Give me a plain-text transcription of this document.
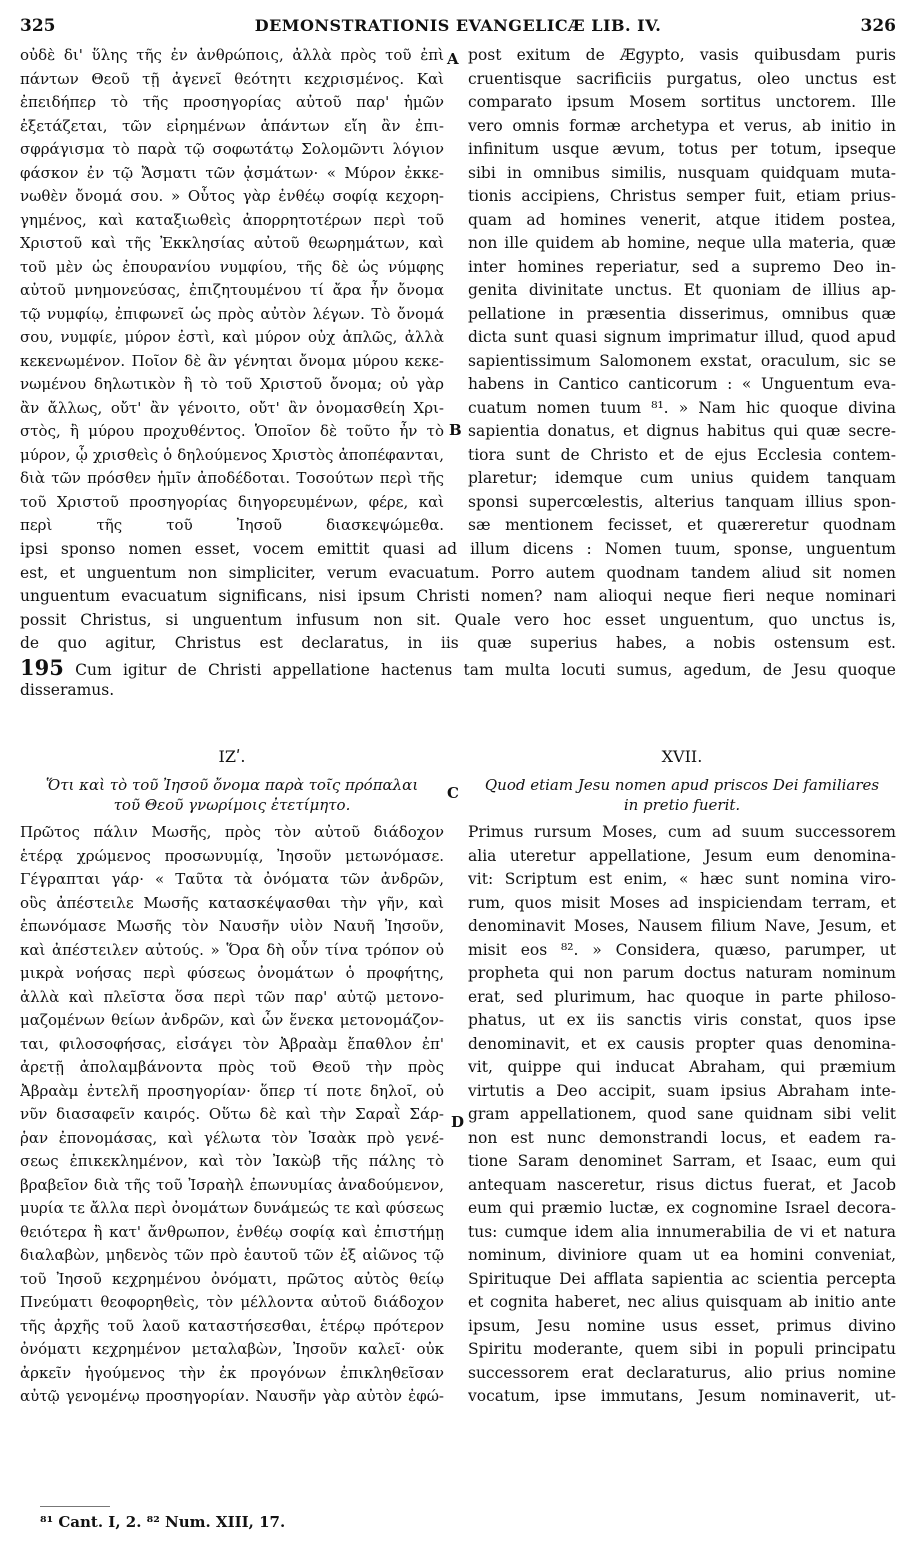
325	DEMONSTRATIONIS EVANGELICÆ LIB. IV.	326
οὐδὲ δι' ὕλης τῆς ἐν ἀνθρώποις, ἀλλὰ πρὸς τοῦ ἐπὶ
πάντων Θεοῦ τῇ ἀγενεῖ θεότητι κεχρισμένος. Καὶ
ἐπειδήπερ τὸ τῆς προσηγορίας αὐτοῦ παρ' ἡμῶν
ἐξετάζεται, τῶν εἰρημένων ἁπάντων εἴη ἂν ἐπι-
σφράγισμα τὸ παρὰ τῷ σοφωτάτῳ Σολομῶντι λόγιον
φάσκον ἐν τῷ Ἄσματι τῶν ᾀσμάτων· « Μύρον ἐκκε-
νωθὲν ὄνομά σου. » Οὗτος γὰρ ἐνθέῳ σοφίᾳ κεχορη-
γημένος, καὶ καταξιωθεὶς ἀπορρητοτέρων περὶ τοῦ
Χριστοῦ καὶ τῆς Ἐκκλησίας αὐτοῦ θεωρημάτων, καὶ
τοῦ μὲν ὡς ἐπουρανίου νυμφίου, τῆς δὲ ὡς νύμφης
αὐτοῦ μνημονεύσας, ἐπιζητουμένου τί ἄρα ἦν ὄνομα
τῷ νυμφίῳ, ἐπιφωνεῖ ὡς πρὸς αὐτὸν λέγων. Τὸ ὄνομά
σου, νυμφίε, μύρον ἐστὶ, καὶ μύρον οὐχ ἁπλῶς, ἀλλὰ
κεκενωμένον. Ποῖον δὲ ἂν γένηται ὄνομα μύρου κεκε-
νωμένου δηλωτικὸν ἢ τὸ τοῦ Χριστοῦ ὄνομα; οὐ γὰρ
ἂν ἄλλως, οὔτ' ἂν γένοιτο, οὔτ' ἂν ὀνομασθείη Χρι-
στὸς, ἢ μύρου προχυθέντος. Ὁποῖον δὲ τοῦτο ἦν τὸ
μύρον, ᾧ χρισθεὶς ὁ δηλούμενος Χριστὸς ἀποπέφανται,
διὰ τῶν πρόσθεν ἡμῖν ἀποδέδοται. Τοσούτων περὶ τῆς
τοῦ Χριστοῦ προσηγορίας διηγορευμένων, φέρε, καὶ
περὶ τῆς τοῦ Ἰησοῦ διασκεψώμεθα.
post exitum de Ægypto, vasis quibusdam puris
cruentisque sacrificiis purgatus, oleo unctus est
comparato ipsum Mosem sortitus unctorem. Ille
vero omnis formæ archetypa et verus, ab initio in
infinitum usque ævum, totus per totum, ipseque
sibi in omnibus similis, nusquam quidquam muta-
tionis accipiens, Christus semper fuit, etiam prius-
quam ad homines venerit, atque itidem postea,
non ille quidem ab homine, neque ulla materia, quæ
inter homines reperiatur, sed a supremo Deo in-
genita divinitate unctus. Et quoniam de illius ap-
pellatione in præsentia disserimus, omnibus quæ
dicta sunt quasi signum imprimatur illud, quod apud
sapientissimum Salomonem exstat, oraculum, sic se
habens in Cantico canticorum : « Unguentum eva-
cuatum nomen tuum ⁸¹. » Nam hic quoque divina
sapientia donatus, et dignus habitus qui quæ secre-
tiora sunt de Christo et de ejus Ecclesia contem-
plaretur; idemque cum unius quidem tanquam
sponsi supercœlestis, alterius tanquam illius spon-
sæ mentionem fecisset, et quæreretur quodnam
A
B
ipsi sponso nomen esset, vocem emittit quasi ad illum dicens : Nomen tuum, sponse, unguentum
est, et unguentum non simpliciter, verum evacuatum. Porro autem quodnam tandem aliud sit nomen
unguentum evacuatum significans, nisi ipsum Christi nomen? nam alioqui neque fieri neque nominari
possit Christus, si unguentum infusum non sit. Quale vero hoc esset unguentum, quo unctus is,
de quo agitur, Christus est declaratus, in iis quæ superius habes, a nobis ostensum est.
195 Cum igitur de Christi appellatione hactenus tam multa locuti sumus, agedum, de Jesu quoque
disseramus.
ΙΖʹ.	XVII.
Ὅτι καὶ τὸ τοῦ Ἰησοῦ ὄνομα παρὰ τοῖς πρόπαλαι
τοῦ Θεοῦ γνωρίμοις ἐτετίμητο.
Quod etiam Jesu nomen apud priscos Dei familiares
in pretio fuerit.
C
Πρῶτος πάλιν Μωσῆς, πρὸς τὸν αὐτοῦ διάδοχον
ἑτέρᾳ χρώμενος προσωνυμίᾳ, Ἰησοῦν μετωνόμασε.
Γέγραπται γάρ· « Ταῦτα τὰ ὀνόματα τῶν ἀνδρῶν,
οὓς ἀπέστειλε Μωσῆς κατασκέψασθαι τὴν γῆν, καὶ
ἐπωνόμασε Μωσῆς τὸν Ναυσῆν υἱὸν Ναυῆ Ἰησοῦν,
καὶ ἀπέστειλεν αὐτούς. » Ὅρα δὴ οὖν τίνα τρόπον οὐ
μικρὰ νοήσας περὶ φύσεως ὀνομάτων ὁ προφήτης,
ἀλλὰ καὶ πλεῖστα ὅσα περὶ τῶν παρ' αὐτῷ μετονο-
μαζομένων θείων ἀνδρῶν, καὶ ὧν ἕνεκα μετονομάζον-
ται, φιλοσοφήσας, εἰσάγει τὸν Ἀβραὰμ ἔπαθλον ἐπ'
ἀρετῇ ἀπολαμβάνοντα πρὸς τοῦ Θεοῦ τὴν πρὸς
Ἀβραὰμ ἐντελῆ προσηγορίαν· ὅπερ τί ποτε δηλοῖ, οὐ
νῦν διασαφεῖν καιρός. Οὕτω δὲ καὶ τὴν Σαραῒ Σάρ-
ῥαν ἐπονομάσας, καὶ γέλωτα τὸν Ἰσαὰκ πρὸ γενέ-
σεως ἐπικεκλημένον, καὶ τὸν Ἰακὼβ τῆς πάλης τὸ
βραβεῖον διὰ τῆς τοῦ Ἰσραὴλ ἐπωνυμίας ἀναδούμενον,
μυρία τε ἄλλα περὶ ὀνομάτων δυνάμεώς τε καὶ φύσεως
θειότερα ἢ κατ' ἄνθρωπον, ἐνθέῳ σοφίᾳ καὶ ἐπιστήμῃ
διαλαβὼν, μηδενὸς τῶν πρὸ ἑαυτοῦ τῶν ἐξ αἰῶνος τῷ
τοῦ Ἰησοῦ κεχρημένου ὀνόματι, πρῶτος αὐτὸς θείῳ
Πνεύματι θεοφορηθεὶς, τὸν μέλλοντα αὐτοῦ διάδοχον
τῆς ἀρχῆς τοῦ λαοῦ καταστήσεσθαι, ἑτέρῳ πρότερον
ὀνόματι κεχρημένον μεταλαβὼν, Ἰησοῦν καλεῖ· οὐκ
ἀρκεῖν ἡγούμενος τὴν ἐκ προγόνων ἐπικληθεῖσαν
αὐτῷ γενομένῳ προσηγορίαν. Ναυσῆν γὰρ αὐτὸν ἐφώ-
Primus rursum Moses, cum ad suum successorem
alia uteretur appellatione, Jesum eum denomina-
vit: Scriptum est enim, « hæc sunt nomina viro-
rum, quos misit Moses ad inspiciendam terram, et
denominavit Moses, Nausem filium Nave, Jesum, et
misit eos ⁸². » Considera, quæso, parumper, ut
propheta qui non parum doctus naturam nominum
erat, sed plurimum, hac quoque in parte philoso-
phatus, ut ex iis sanctis viris constat, quos ipse
denominavit, et ex causis propter quas denomina-
vit, quippe qui inducat Abraham, qui præmium
virtutis a Deo accipit, suam ipsius Abraham inte-
gram appellationem, quod sane quidnam sibi velit
non est nunc demonstrandi locus, et eadem ra-
tione Saram denominet Sarram, et Isaac, eum qui
antequam nasceretur, risus dictus fuerat, et Jacob
eum qui præmio luctæ, ex cognomine Israel decora-
tus: cumque idem alia innumerabilia de vi et natura
nominum, diviniore quam ut ea homini conveniat,
Spirituque Dei afflata sapientia ac scientia percepta
et cognita haberet, nec alius quisquam ab initio ante
ipsum, Jesu nomine usus esset, primus divino
Spiritu moderante, quem sibi in populi principatu
successorem erat declaraturus, alio prius nomine
vocatum, ipse immutans, Jesum nominaverit, ut-
D
⁸¹ Cant. I, 2. ⁸² Num. XIII, 17.
